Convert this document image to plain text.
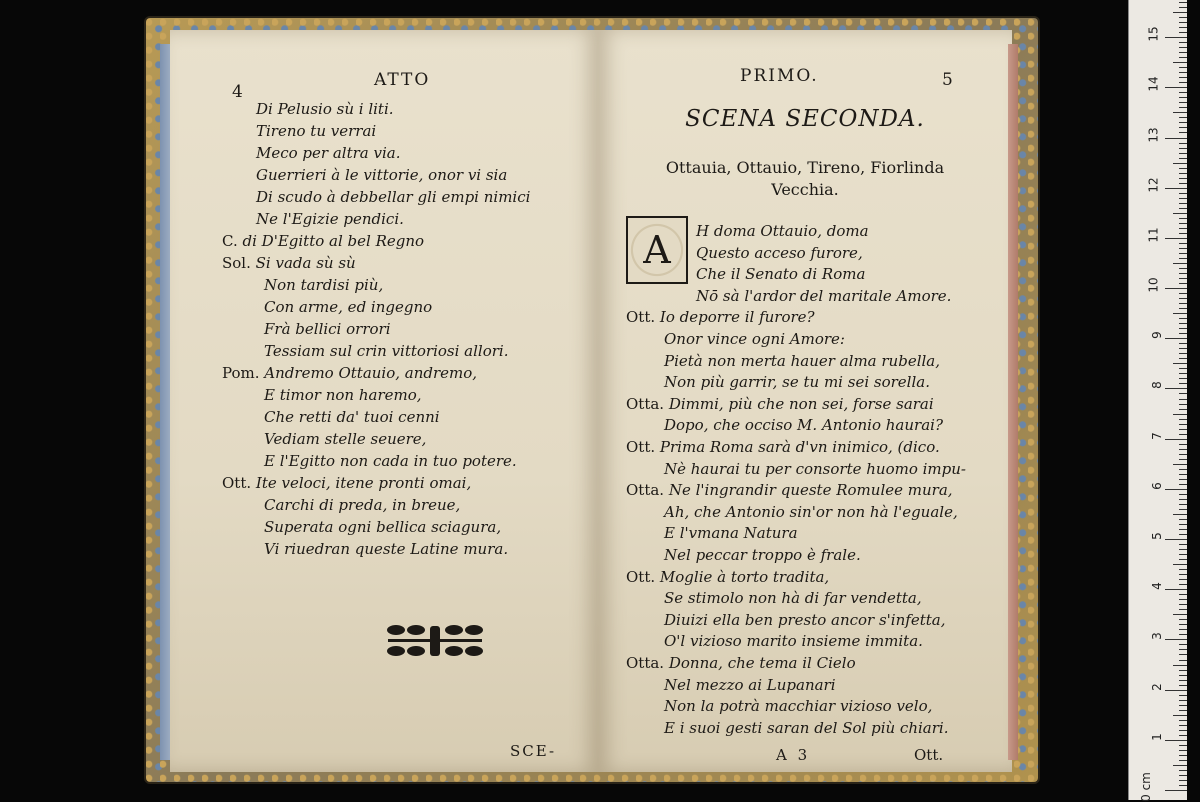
4
ATTO
Di Pelusio sù i liti.
Tireno tu verrai
Meco per altra via.
Guerrieri à le vittorie, onor vi sia
Di scudo à debbellar gli empi nimici
Ne l'Egizie pendici.
C. di D'Egitto al bel Regno
Sol. Si vada sù sù
Non tardisi più,
Con arme, ed ingegno
Frà bellici orrori
Tessiam sul crin vittoriosi allori.
Pom. Andremo Ottauio, andremo,
E timor non haremo,
Che retti da' tuoi cenni
Vediam stelle seuere,
E l'Egitto non cada in tuo potere.
Ott. Ite veloci, itene pronti omai,
Carchi di preda, in breue,
Superata ogni bellica sciagura,
Vi riuedran queste Latine mura.
SCE-
PRIMO.	5
SCENA SECONDA.
Ottauia, Ottauio, Tireno, Fiorlinda
Vecchia.
A	H doma Ottauio, doma
Questo acceso furore,
Che il Senato di Roma
Nō sà l'ardor del maritale Amore.
Ott. Io deporre il furore?
Onor vince ogni Amore:
Pietà non merta hauer alma rubella,
Non più garrir, se tu mi sei sorella.
Otta. Dimmi, più che non sei, forse sarai
Dopo, che occiso M. Antonio haurai?
Ott. Prima Roma sarà d'vn inimico, (dico.
Nè haurai tu per consorte huomo impu-
Otta. Ne l'ingrandir queste Romulee mura,
Ah, che Antonio sin'or non hà l'eguale,
E l'vmana Natura
Nel peccar troppo è frale.
Ott. Moglie à torto tradita,
Se stimolo non hà di far vendetta,
Diuizi ella ben presto ancor s'infetta,
O'l vizioso marito insieme immita.
Otta. Donna, che tema il Cielo
Nel mezzo ai Lupanari
Non la potrà macchiar vizioso velo,
E i suoi gesti saran del Sol più chiari.
A 3	Ott.
15
14
13
12
11
10
9
8
7
6
5
4
3
2
1
0 cm
